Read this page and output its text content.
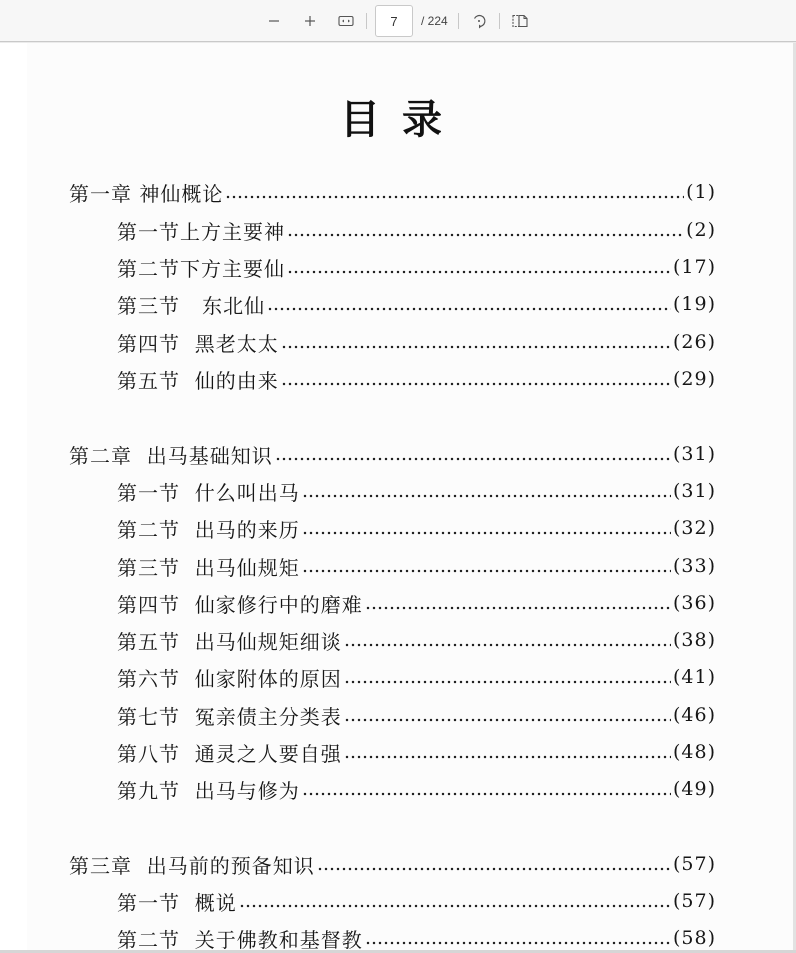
7
/ 224
目录
第一章 神仙概论	(1)
第一节上方主要神	(2)
第二节下方主要仙	(17)
第三节   东北仙	(19)
第四节  黑老太太	(26)
第五节  仙的由来	(29)
第二章  出马基础知识	(31)
第一节  什么叫出马	(31)
第二节  出马的来历	(32)
第三节  出马仙规矩	(33)
第四节  仙家修行中的磨难	(36)
第五节  出马仙规矩细谈	(38)
第六节  仙家附体的原因	(41)
第七节  冤亲债主分类表	(46)
第八节  通灵之人要自强	(48)
第九节  出马与修为	(49)
第三章  出马前的预备知识	(57)
第一节  概说	(57)
第二节  关于佛教和基督教	(58)
